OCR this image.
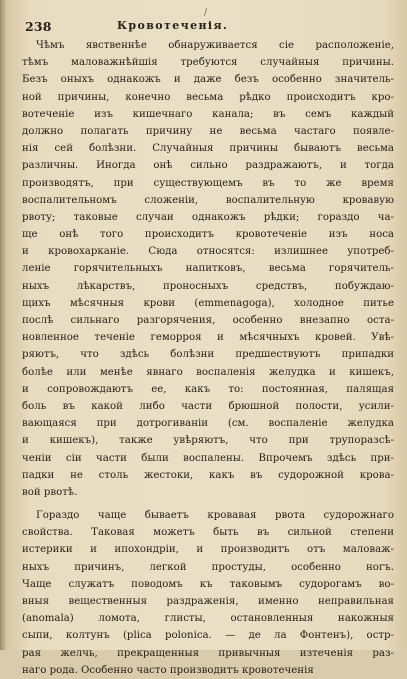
/
238	Кровотеченія.
Чѣмъ явственнѣе обнаруживается сіе расположеніе,
тѣмъ маловажнѣйшія требуются случайныя причины.
Безъ оныхъ однакожъ и даже безъ особенно значитель-
ной причины, конечно весьма рѣдко происходитъ кро-
вотеченіе изъ кишечнаго канала; въ семъ каждый
должно полагать причину не весьма частаго появле-
нія сей болѣзни. Случайныя причины бываютъ весьма
различны. Иногда онѣ сильно раздражаютъ, и тогда
производятъ, при существующемъ въ то же время
воспалительномъ сложеніи, воспалительную кровавую
рвоту; таковые случаи однакожъ рѣдки; гораздо ча-
ще онѣ того происходитъ кровотеченіе изъ носа
и кровохарканіе. Сюда относятся: излишнее употреб-
леніе горячительныхъ напитковъ, весьма горячитель-
ныхъ лѣкарствъ, проносныхъ средствъ, побуждаю-
щихъ мѣсячныя крови (emmenagoga), холодное питье
послѣ сильнаго разгорячения, особенно внезапно оста-
новленное теченіе геморроя и мѣсячныхъ кровей. Увѣ-
ряютъ, что здѣсь болѣзни предшествуютъ припадки
болѣе или менѣе явнаго воспаленія желудка и кишекъ,
и сопровождаютъ ее, какъ то: постоянная, палящая
боль въ какой либо части брюшной полости, усили-
вающаяся при дотрогиваніи (см. воспаленіе желудка
и кишекъ), также увѣряютъ, что при трупоразсѣ-
ченіи сіи части были воспалены. Впрочемъ здѣсь при-
падки не столь жестоки, какъ въ судорожной крова-
вой рвотѣ.
Гораздо чаще бываетъ кровавая рвота судорожнаго
свойства. Таковая можетъ быть въ сильной степени
истерики и ипохондріи, и производитъ отъ маловаж-
ныхъ причинъ, легкой простуды, особенно ногъ.
Чаще служатъ поводомъ къ таковымъ судорогамъ во-
вныя вещественныя раздраженія, именно неправильная
(anomala) ломота, глисты, остановленныя накожныя
сыпи, колтунъ (plica polonica. — де ла Фонтенъ), остр-
рая желчь, прекращенныя привычныя изтеченія раз-
наго рода. Особенно часто производитъ кровотеченія
